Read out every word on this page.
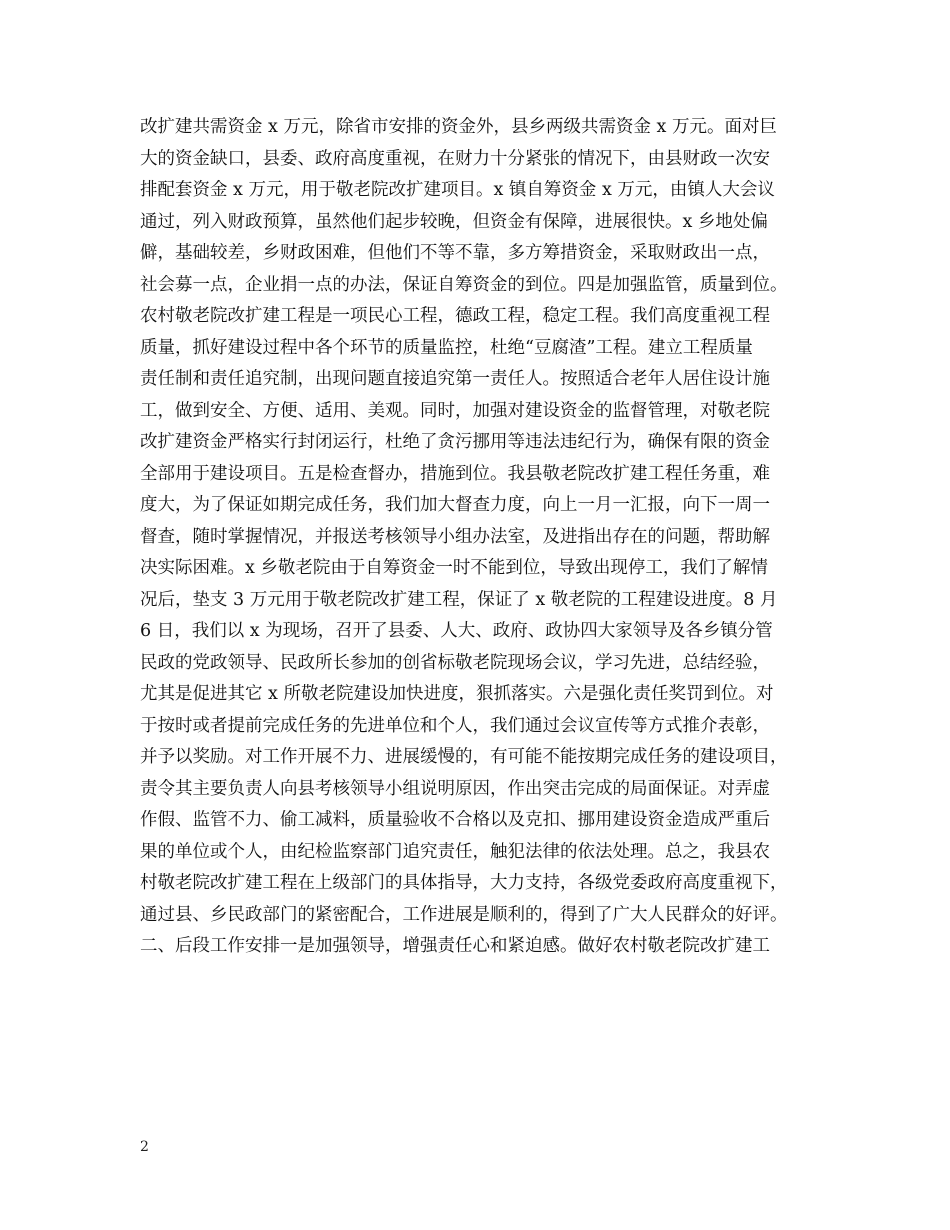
改扩建共需资金 x 万元，除省市安排的资金外，县乡两级共需资金 x 万元。面对巨
大的资金缺口，县委、政府高度重视，在财力十分紧张的情况下，由县财政一次安
排配套资金 x 万元，用于敬老院改扩建项目。x 镇自筹资金 x 万元，由镇人大会议
通过，列入财政预算，虽然他们起步较晚，但资金有保障，进展很快。x 乡地处偏
僻，基础较差，乡财政困难，但他们不等不靠，多方筹措资金，采取财政出一点，
社会募一点，企业捐一点的办法，保证自筹资金的到位。四是加强监管，质量到位。
农村敬老院改扩建工程是一项民心工程，德政工程，稳定工程。我们高度重视工程
质量，抓好建设过程中各个环节的质量监控，杜绝“豆腐渣”工程。建立工程质量
责任制和责任追究制，出现问题直接追究第一责任人。按照适合老年人居住设计施
工，做到安全、方便、适用、美观。同时，加强对建设资金的监督管理，对敬老院
改扩建资金严格实行封闭运行，杜绝了贪污挪用等违法违纪行为，确保有限的资金
全部用于建设项目。五是检查督办，措施到位。我县敬老院改扩建工程任务重，难
度大，为了保证如期完成任务，我们加大督查力度，向上一月一汇报，向下一周一
督查，随时掌握情况，并报送考核领导小组办法室，及进指出存在的问题，帮助解
决实际困难。x 乡敬老院由于自筹资金一时不能到位，导致出现停工，我们了解情
况后，垫支 3 万元用于敬老院改扩建工程，保证了 x 敬老院的工程建设进度。8 月
6 日，我们以 x 为现场，召开了县委、人大、政府、政协四大家领导及各乡镇分管
民政的党政领导、民政所长参加的创省标敬老院现场会议，学习先进，总结经验，
尤其是促进其它 x 所敬老院建设加快进度，狠抓落实。六是强化责任奖罚到位。对
于按时或者提前完成任务的先进单位和个人，我们通过会议宣传等方式推介表彰，
并予以奖励。对工作开展不力、进展缓慢的，有可能不能按期完成任务的建设项目，
责令其主要负责人向县考核领导小组说明原因，作出突击完成的局面保证。对弄虚
作假、监管不力、偷工减料，质量验收不合格以及克扣、挪用建设资金造成严重后
果的单位或个人，由纪检监察部门追究责任，触犯法律的依法处理。总之，我县农
村敬老院改扩建工程在上级部门的具体指导，大力支持，各级党委政府高度重视下，
通过县、乡民政部门的紧密配合，工作进展是顺利的，得到了广大人民群众的好评。
二、后段工作安排一是加强领导，增强责任心和紧迫感。做好农村敬老院改扩建工
2
